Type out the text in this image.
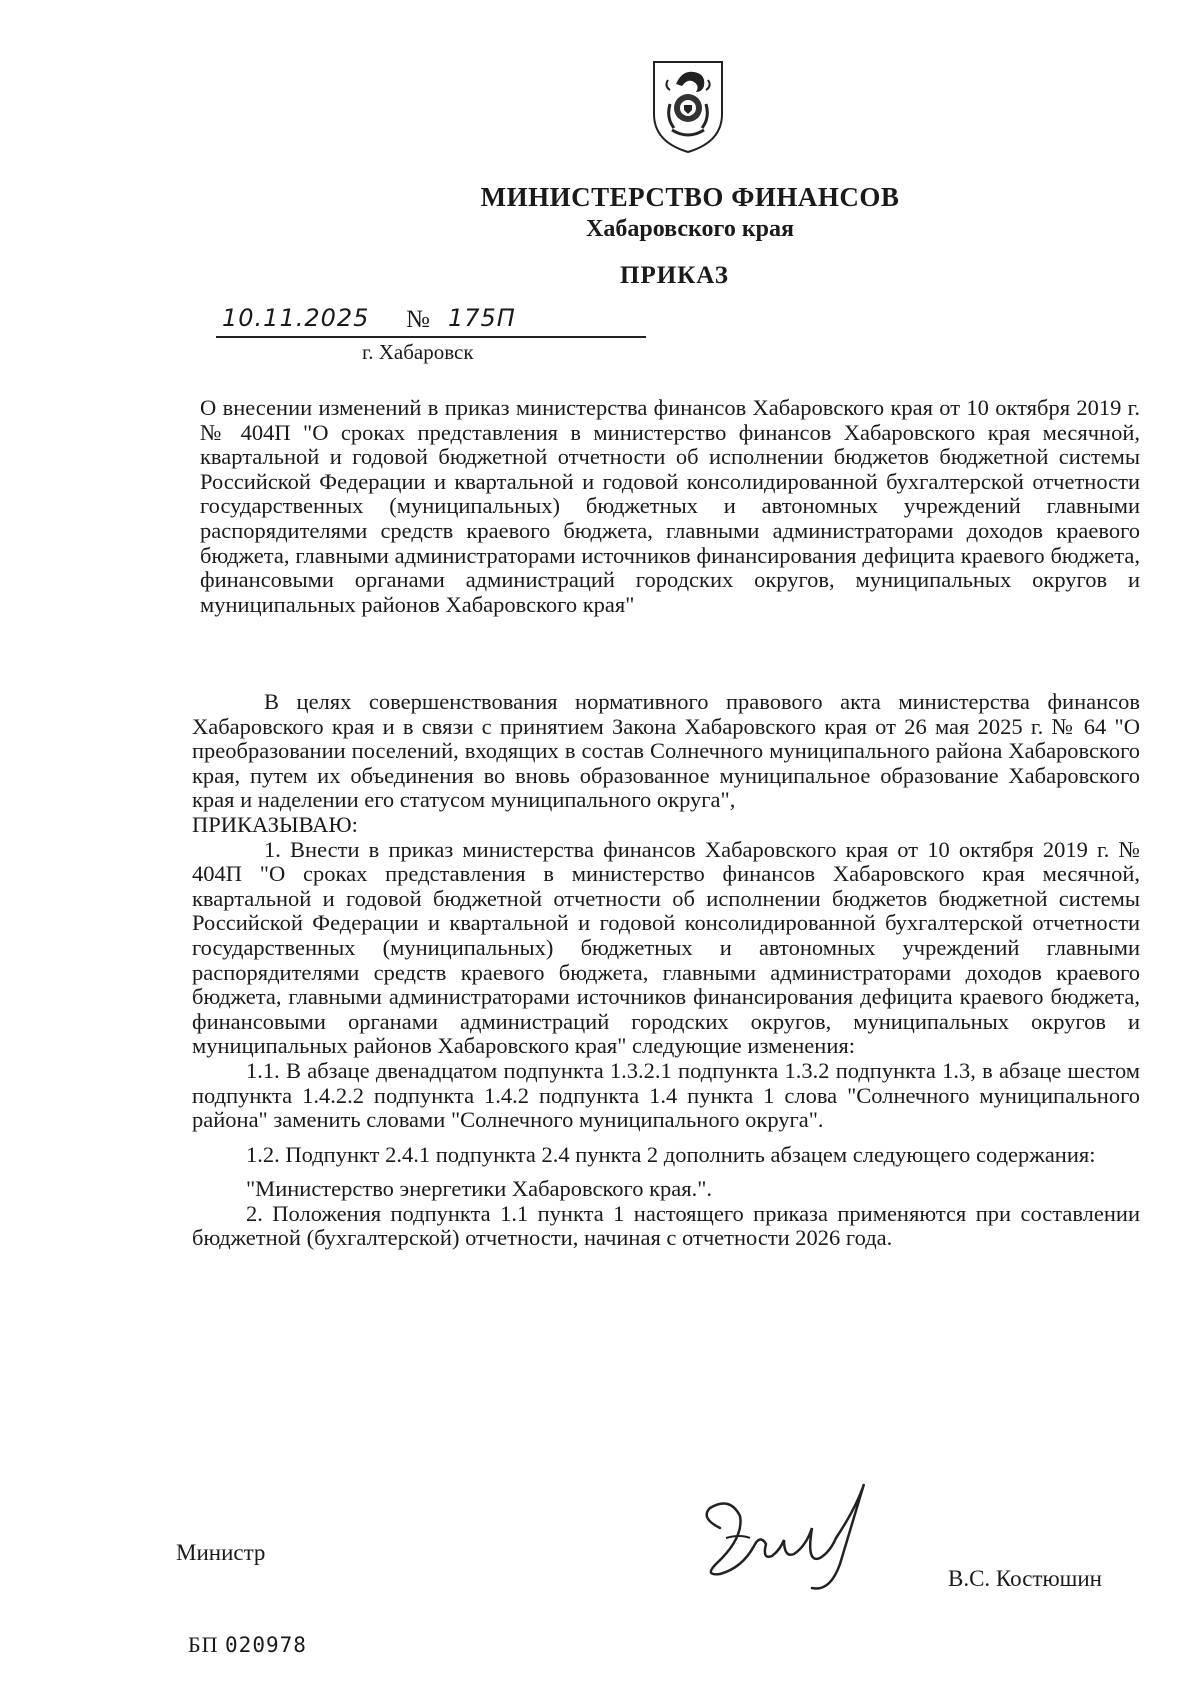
МИНИСТЕРСТВО ФИНАНСОВ
Хабаровского края
ПРИКАЗ
10.11.2025 № 175П
г. Хабаровск

О внесении изменений в приказ министерства финансов Хабаровского края от 10 октября 2019 г. № 404П "О сроках представления в министерство финансов Хабаровского края месячной, квартальной и годовой бюджетной отчетности об исполнении бюджетов бюджетной системы Российской Федерации и квартальной и годовой консолидированной бухгалтерской отчетности государственных (муниципальных) бюджетных и автономных учреждений главными распорядителями средств краевого бюджета, главными администраторами доходов краевого бюджета, главными администраторами источников финансирования дефицита краевого бюджета, финансовыми органами администраций городских округов, муниципальных округов и муниципальных районов Хабаровского края"

В целях совершенствования нормативного правового акта министерства финансов Хабаровского края и в связи с принятием Закона Хабаровского края от 26 мая 2025 г. № 64 "О преобразовании поселений, входящих в состав Солнечного муниципального района Хабаровского края, путем их объединения во вновь образованное муниципальное образование Хабаровского края и наделении его статусом муниципального округа",

ПРИКАЗЫВАЮ:

1. Внести в приказ министерства финансов Хабаровского края от 10 октября 2019 г. № 404П "О сроках представления в министерство финансов Хабаровского края месячной, квартальной и годовой бюджетной отчетности об исполнении бюджетов бюджетной системы Российской Федерации и квартальной и годовой консолидированной бухгалтерской отчетности государственных (муниципальных) бюджетных и автономных учреждений главными распорядителями средств краевого бюджета, главными администраторами доходов краевого бюджета, главными администраторами источников финансирования дефицита краевого бюджета, финансовыми органами администраций городских округов, муниципальных округов и муниципальных районов Хабаровского края" следующие изменения:

1.1. В абзаце двенадцатом подпункта 1.3.2.1 подпункта 1.3.2 подпункта 1.3, в абзаце шестом подпункта 1.4.2.2 подпункта 1.4.2 подпункта 1.4 пункта 1 слова "Солнечного муниципального района" заменить словами "Солнечного муниципального округа".

1.2. Подпункт 2.4.1 подпункта 2.4 пункта 2 дополнить абзацем следующего содержания:

"Министерство энергетики Хабаровского края.".

2. Положения подпункта 1.1 пункта 1 настоящего приказа применяются при составлении бюджетной (бухгалтерской) отчетности, начиная с отчетности 2026 года.

Министр
В.С. Костюшин
БП 020978
